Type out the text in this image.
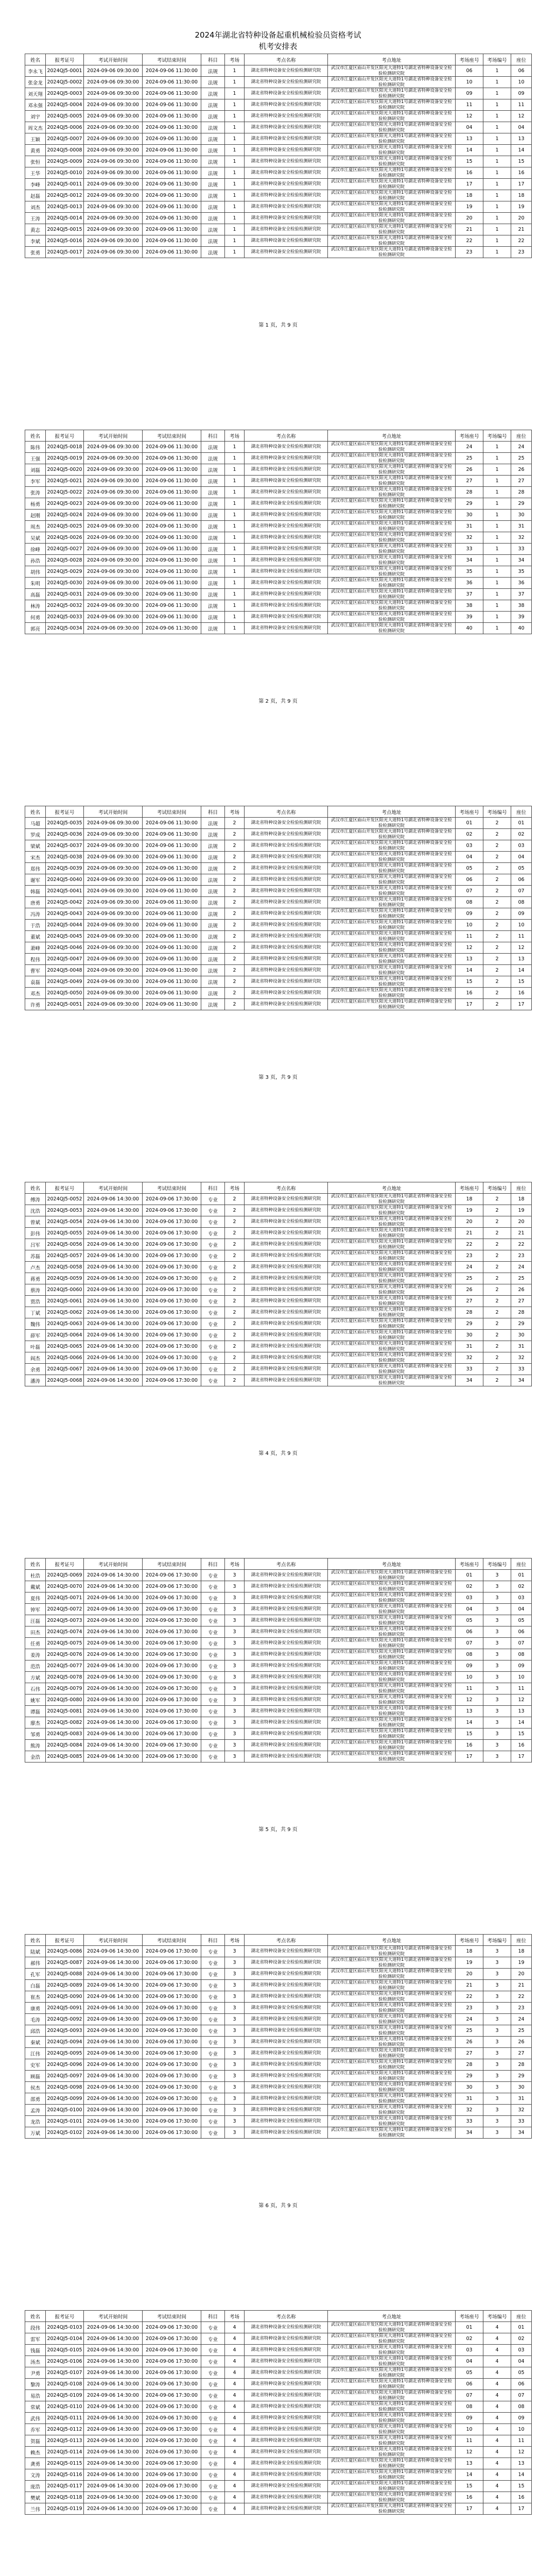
2024年湖北省特种设备起重机械检验员资格考试
机考安排表
姓名	报考证号	考试开始时间	考试结束时间	科目	考场	考点名称	考点地址	考场座号	考场编号	座位
李永飞	2024QJ5-0001	2024-09-06 09:30:00	2024-09-06 11:30:00	法规	1	湖北省特种设备安全检验检测研究院	武汉市江夏区庙山开发区阳光大道特1号湖北省特种设备安全检验检测研究院	06	1	06
张金龙	2024QJ5-0002	2024-09-06 09:30:00	2024-09-06 11:30:00	法规	1	湖北省特种设备安全检验检测研究院	武汉市江夏区庙山开发区阳光大道特1号湖北省特种设备安全检验检测研究院	10	1	10
刘天翔	2024QJ5-0003	2024-09-06 09:30:00	2024-09-06 11:30:00	法规	1	湖北省特种设备安全检验检测研究院	武汉市江夏区庙山开发区阳光大道特1号湖北省特种设备安全检验检测研究院	09	1	09
邓永强	2024QJ5-0004	2024-09-06 09:30:00	2024-09-06 11:30:00	法规	1	湖北省特种设备安全检验检测研究院	武汉市江夏区庙山开发区阳光大道特1号湖北省特种设备安全检验检测研究院	11	1	11
刘宇	2024QJ5-0005	2024-09-06 09:30:00	2024-09-06 11:30:00	法规	1	湖北省特种设备安全检验检测研究院	武汉市江夏区庙山开发区阳光大道特1号湖北省特种设备安全检验检测研究院	12	1	12
周文杰	2024QJ5-0006	2024-09-06 09:30:00	2024-09-06 11:30:00	法规	1	湖北省特种设备安全检验检测研究院	武汉市江夏区庙山开发区阳光大道特1号湖北省特种设备安全检验检测研究院	04	1	04
王颖	2024QJ5-0007	2024-09-06 09:30:00	2024-09-06 11:30:00	法规	1	湖北省特种设备安全检验检测研究院	武汉市江夏区庙山开发区阳光大道特1号湖北省特种设备安全检验检测研究院	13	1	13
黄勇	2024QJ5-0008	2024-09-06 09:30:00	2024-09-06 11:30:00	法规	1	湖北省特种设备安全检验检测研究院	武汉市江夏区庙山开发区阳光大道特1号湖北省特种设备安全检验检测研究院	14	1	14
张恒	2024QJ5-0009	2024-09-06 09:30:00	2024-09-06 11:30:00	法规	1	湖北省特种设备安全检验检测研究院	武汉市江夏区庙山开发区阳光大道特1号湖北省特种设备安全检验检测研究院	15	1	15
王华	2024QJ5-0010	2024-09-06 09:30:00	2024-09-06 11:30:00	法规	1	湖北省特种设备安全检验检测研究院	武汉市江夏区庙山开发区阳光大道特1号湖北省特种设备安全检验检测研究院	16	1	16
李峰	2024QJ5-0011	2024-09-06 09:30:00	2024-09-06 11:30:00	法规	1	湖北省特种设备安全检验检测研究院	武汉市江夏区庙山开发区阳光大道特1号湖北省特种设备安全检验检测研究院	17	1	17
赵磊	2024QJ5-0012	2024-09-06 09:30:00	2024-09-06 11:30:00	法规	1	湖北省特种设备安全检验检测研究院	武汉市江夏区庙山开发区阳光大道特1号湖北省特种设备安全检验检测研究院	18	1	18
刘杰	2024QJ5-0013	2024-09-06 09:30:00	2024-09-06 11:30:00	法规	1	湖北省特种设备安全检验检测研究院	武汉市江夏区庙山开发区阳光大道特1号湖北省特种设备安全检验检测研究院	19	1	19
王涛	2024QJ5-0014	2024-09-06 09:30:00	2024-09-06 11:30:00	法规	1	湖北省特种设备安全检验检测研究院	武汉市江夏区庙山开发区阳光大道特1号湖北省特种设备安全检验检测研究院	20	1	20
黄志	2024QJ5-0015	2024-09-06 09:30:00	2024-09-06 11:30:00	法规	1	湖北省特种设备安全检验检测研究院	武汉市江夏区庙山开发区阳光大道特1号湖北省特种设备安全检验检测研究院	21	1	21
李斌	2024QJ5-0016	2024-09-06 09:30:00	2024-09-06 11:30:00	法规	1	湖北省特种设备安全检验检测研究院	武汉市江夏区庙山开发区阳光大道特1号湖北省特种设备安全检验检测研究院	22	1	22
张勇	2024QJ5-0017	2024-09-06 09:30:00	2024-09-06 11:30:00	法规	1	湖北省特种设备安全检验检测研究院	武汉市江夏区庙山开发区阳光大道特1号湖北省特种设备安全检验检测研究院	23	1	23
第 1 页，共 9 页
姓名	报考证号	考试开始时间	考试结束时间	科目	考场	考点名称	考点地址	考场座号	考场编号	座位
陈伟	2024QJ5-0018	2024-09-06 09:30:00	2024-09-06 11:30:00	法规	1	湖北省特种设备安全检验检测研究院	武汉市江夏区庙山开发区阳光大道特1号湖北省特种设备安全检验检测研究院	24	1	24
王强	2024QJ5-0019	2024-09-06 09:30:00	2024-09-06 11:30:00	法规	1	湖北省特种设备安全检验检测研究院	武汉市江夏区庙山开发区阳光大道特1号湖北省特种设备安全检验检测研究院	25	1	25
刘磊	2024QJ5-0020	2024-09-06 09:30:00	2024-09-06 11:30:00	法规	1	湖北省特种设备安全检验检测研究院	武汉市江夏区庙山开发区阳光大道特1号湖北省特种设备安全检验检测研究院	26	1	26
李军	2024QJ5-0021	2024-09-06 09:30:00	2024-09-06 11:30:00	法规	1	湖北省特种设备安全检验检测研究院	武汉市江夏区庙山开发区阳光大道特1号湖北省特种设备安全检验检测研究院	27	1	27
张涛	2024QJ5-0022	2024-09-06 09:30:00	2024-09-06 11:30:00	法规	1	湖北省特种设备安全检验检测研究院	武汉市江夏区庙山开发区阳光大道特1号湖北省特种设备安全检验检测研究院	28	1	28
杨勇	2024QJ5-0023	2024-09-06 09:30:00	2024-09-06 11:30:00	法规	1	湖北省特种设备安全检验检测研究院	武汉市江夏区庙山开发区阳光大道特1号湖北省特种设备安全检验检测研究院	29	1	29
赵刚	2024QJ5-0024	2024-09-06 09:30:00	2024-09-06 11:30:00	法规	1	湖北省特种设备安全检验检测研究院	武汉市江夏区庙山开发区阳光大道特1号湖北省特种设备安全检验检测研究院	30	1	30
周杰	2024QJ5-0025	2024-09-06 09:30:00	2024-09-06 11:30:00	法规	1	湖北省特种设备安全检验检测研究院	武汉市江夏区庙山开发区阳光大道特1号湖北省特种设备安全检验检测研究院	31	1	31
吴斌	2024QJ5-0026	2024-09-06 09:30:00	2024-09-06 11:30:00	法规	1	湖北省特种设备安全检验检测研究院	武汉市江夏区庙山开发区阳光大道特1号湖北省特种设备安全检验检测研究院	32	1	32
徐峰	2024QJ5-0027	2024-09-06 09:30:00	2024-09-06 11:30:00	法规	1	湖北省特种设备安全检验检测研究院	武汉市江夏区庙山开发区阳光大道特1号湖北省特种设备安全检验检测研究院	33	1	33
孙浩	2024QJ5-0028	2024-09-06 09:30:00	2024-09-06 11:30:00	法规	1	湖北省特种设备安全检验检测研究院	武汉市江夏区庙山开发区阳光大道特1号湖北省特种设备安全检验检测研究院	34	1	34
胡伟	2024QJ5-0029	2024-09-06 09:30:00	2024-09-06 11:30:00	法规	1	湖北省特种设备安全检验检测研究院	武汉市江夏区庙山开发区阳光大道特1号湖北省特种设备安全检验检测研究院	35	1	35
朱明	2024QJ5-0030	2024-09-06 09:30:00	2024-09-06 11:30:00	法规	1	湖北省特种设备安全检验检测研究院	武汉市江夏区庙山开发区阳光大道特1号湖北省特种设备安全检验检测研究院	36	1	36
高磊	2024QJ5-0031	2024-09-06 09:30:00	2024-09-06 11:30:00	法规	1	湖北省特种设备安全检验检测研究院	武汉市江夏区庙山开发区阳光大道特1号湖北省特种设备安全检验检测研究院	37	1	37
林涛	2024QJ5-0032	2024-09-06 09:30:00	2024-09-06 11:30:00	法规	1	湖北省特种设备安全检验检测研究院	武汉市江夏区庙山开发区阳光大道特1号湖北省特种设备安全检验检测研究院	38	1	38
何勇	2024QJ5-0033	2024-09-06 09:30:00	2024-09-06 11:30:00	法规	1	湖北省特种设备安全检验检测研究院	武汉市江夏区庙山开发区阳光大道特1号湖北省特种设备安全检验检测研究院	39	1	39
郭亮	2024QJ5-0034	2024-09-06 09:30:00	2024-09-06 11:30:00	法规	1	湖北省特种设备安全检验检测研究院	武汉市江夏区庙山开发区阳光大道特1号湖北省特种设备安全检验检测研究院	40	1	40
第 2 页，共 9 页
姓名	报考证号	考试开始时间	考试结束时间	科目	考场	考点名称	考点地址	考场座号	考场编号	座位
马超	2024QJ5-0035	2024-09-06 09:30:00	2024-09-06 11:30:00	法规	2	湖北省特种设备安全检验检测研究院	武汉市江夏区庙山开发区阳光大道特1号湖北省特种设备安全检验检测研究院	01	2	01
罗成	2024QJ5-0036	2024-09-06 09:30:00	2024-09-06 11:30:00	法规	2	湖北省特种设备安全检验检测研究院	武汉市江夏区庙山开发区阳光大道特1号湖北省特种设备安全检验检测研究院	02	2	02
梁斌	2024QJ5-0037	2024-09-06 09:30:00	2024-09-06 11:30:00	法规	2	湖北省特种设备安全检验检测研究院	武汉市江夏区庙山开发区阳光大道特1号湖北省特种设备安全检验检测研究院	03	2	03
宋杰	2024QJ5-0038	2024-09-06 09:30:00	2024-09-06 11:30:00	法规	2	湖北省特种设备安全检验检测研究院	武汉市江夏区庙山开发区阳光大道特1号湖北省特种设备安全检验检测研究院	04	2	04
郑伟	2024QJ5-0039	2024-09-06 09:30:00	2024-09-06 11:30:00	法规	2	湖北省特种设备安全检验检测研究院	武汉市江夏区庙山开发区阳光大道特1号湖北省特种设备安全检验检测研究院	05	2	05
谢军	2024QJ5-0040	2024-09-06 09:30:00	2024-09-06 11:30:00	法规	2	湖北省特种设备安全检验检测研究院	武汉市江夏区庙山开发区阳光大道特1号湖北省特种设备安全检验检测研究院	06	2	06
韩磊	2024QJ5-0041	2024-09-06 09:30:00	2024-09-06 11:30:00	法规	2	湖北省特种设备安全检验检测研究院	武汉市江夏区庙山开发区阳光大道特1号湖北省特种设备安全检验检测研究院	07	2	07
唐勇	2024QJ5-0042	2024-09-06 09:30:00	2024-09-06 11:30:00	法规	2	湖北省特种设备安全检验检测研究院	武汉市江夏区庙山开发区阳光大道特1号湖北省特种设备安全检验检测研究院	08	2	08
冯涛	2024QJ5-0043	2024-09-06 09:30:00	2024-09-06 11:30:00	法规	2	湖北省特种设备安全检验检测研究院	武汉市江夏区庙山开发区阳光大道特1号湖北省特种设备安全检验检测研究院	09	2	09
于浩	2024QJ5-0044	2024-09-06 09:30:00	2024-09-06 11:30:00	法规	2	湖北省特种设备安全检验检测研究院	武汉市江夏区庙山开发区阳光大道特1号湖北省特种设备安全检验检测研究院	10	2	10
董斌	2024QJ5-0045	2024-09-06 09:30:00	2024-09-06 11:30:00	法规	2	湖北省特种设备安全检验检测研究院	武汉市江夏区庙山开发区阳光大道特1号湖北省特种设备安全检验检测研究院	11	2	11
萧峰	2024QJ5-0046	2024-09-06 09:30:00	2024-09-06 11:30:00	法规	2	湖北省特种设备安全检验检测研究院	武汉市江夏区庙山开发区阳光大道特1号湖北省特种设备安全检验检测研究院	12	2	12
程伟	2024QJ5-0047	2024-09-06 09:30:00	2024-09-06 11:30:00	法规	2	湖北省特种设备安全检验检测研究院	武汉市江夏区庙山开发区阳光大道特1号湖北省特种设备安全检验检测研究院	13	2	13
曹军	2024QJ5-0048	2024-09-06 09:30:00	2024-09-06 11:30:00	法规	2	湖北省特种设备安全检验检测研究院	武汉市江夏区庙山开发区阳光大道特1号湖北省特种设备安全检验检测研究院	14	2	14
袁磊	2024QJ5-0049	2024-09-06 09:30:00	2024-09-06 11:30:00	法规	2	湖北省特种设备安全检验检测研究院	武汉市江夏区庙山开发区阳光大道特1号湖北省特种设备安全检验检测研究院	15	2	15
邓杰	2024QJ5-0050	2024-09-06 09:30:00	2024-09-06 11:30:00	法规	2	湖北省特种设备安全检验检测研究院	武汉市江夏区庙山开发区阳光大道特1号湖北省特种设备安全检验检测研究院	16	2	16
许勇	2024QJ5-0051	2024-09-06 09:30:00	2024-09-06 11:30:00	法规	2	湖北省特种设备安全检验检测研究院	武汉市江夏区庙山开发区阳光大道特1号湖北省特种设备安全检验检测研究院	17	2	17
第 3 页，共 9 页
姓名	报考证号	考试开始时间	考试结束时间	科目	考场	考点名称	考点地址	考场座号	考场编号	座位
傅涛	2024QJ5-0052	2024-09-06 14:30:00	2024-09-06 17:30:00	专业	2	湖北省特种设备安全检验检测研究院	武汉市江夏区庙山开发区阳光大道特1号湖北省特种设备安全检验检测研究院	18	2	18
沈浩	2024QJ5-0053	2024-09-06 14:30:00	2024-09-06 17:30:00	专业	2	湖北省特种设备安全检验检测研究院	武汉市江夏区庙山开发区阳光大道特1号湖北省特种设备安全检验检测研究院	19	2	19
曾斌	2024QJ5-0054	2024-09-06 14:30:00	2024-09-06 17:30:00	专业	2	湖北省特种设备安全检验检测研究院	武汉市江夏区庙山开发区阳光大道特1号湖北省特种设备安全检验检测研究院	20	2	20
彭伟	2024QJ5-0055	2024-09-06 14:30:00	2024-09-06 17:30:00	专业	2	湖北省特种设备安全检验检测研究院	武汉市江夏区庙山开发区阳光大道特1号湖北省特种设备安全检验检测研究院	21	2	21
吕军	2024QJ5-0056	2024-09-06 14:30:00	2024-09-06 17:30:00	专业	2	湖北省特种设备安全检验检测研究院	武汉市江夏区庙山开发区阳光大道特1号湖北省特种设备安全检验检测研究院	22	2	22
苏磊	2024QJ5-0057	2024-09-06 14:30:00	2024-09-06 17:30:00	专业	2	湖北省特种设备安全检验检测研究院	武汉市江夏区庙山开发区阳光大道特1号湖北省特种设备安全检验检测研究院	23	2	23
卢杰	2024QJ5-0058	2024-09-06 14:30:00	2024-09-06 17:30:00	专业	2	湖北省特种设备安全检验检测研究院	武汉市江夏区庙山开发区阳光大道特1号湖北省特种设备安全检验检测研究院	24	2	24
蒋勇	2024QJ5-0059	2024-09-06 14:30:00	2024-09-06 17:30:00	专业	2	湖北省特种设备安全检验检测研究院	武汉市江夏区庙山开发区阳光大道特1号湖北省特种设备安全检验检测研究院	25	2	25
蔡涛	2024QJ5-0060	2024-09-06 14:30:00	2024-09-06 17:30:00	专业	2	湖北省特种设备安全检验检测研究院	武汉市江夏区庙山开发区阳光大道特1号湖北省特种设备安全检验检测研究院	26	2	26
贾浩	2024QJ5-0061	2024-09-06 14:30:00	2024-09-06 17:30:00	专业	2	湖北省特种设备安全检验检测研究院	武汉市江夏区庙山开发区阳光大道特1号湖北省特种设备安全检验检测研究院	27	2	27
丁斌	2024QJ5-0062	2024-09-06 14:30:00	2024-09-06 17:30:00	专业	2	湖北省特种设备安全检验检测研究院	武汉市江夏区庙山开发区阳光大道特1号湖北省特种设备安全检验检测研究院	28	2	28
魏伟	2024QJ5-0063	2024-09-06 14:30:00	2024-09-06 17:30:00	专业	2	湖北省特种设备安全检验检测研究院	武汉市江夏区庙山开发区阳光大道特1号湖北省特种设备安全检验检测研究院	29	2	29
薛军	2024QJ5-0064	2024-09-06 14:30:00	2024-09-06 17:30:00	专业	2	湖北省特种设备安全检验检测研究院	武汉市江夏区庙山开发区阳光大道特1号湖北省特种设备安全检验检测研究院	30	2	30
叶磊	2024QJ5-0065	2024-09-06 14:30:00	2024-09-06 17:30:00	专业	2	湖北省特种设备安全检验检测研究院	武汉市江夏区庙山开发区阳光大道特1号湖北省特种设备安全检验检测研究院	31	2	31
阎杰	2024QJ5-0066	2024-09-06 14:30:00	2024-09-06 17:30:00	专业	2	湖北省特种设备安全检验检测研究院	武汉市江夏区庙山开发区阳光大道特1号湖北省特种设备安全检验检测研究院	32	2	32
余勇	2024QJ5-0067	2024-09-06 14:30:00	2024-09-06 17:30:00	专业	2	湖北省特种设备安全检验检测研究院	武汉市江夏区庙山开发区阳光大道特1号湖北省特种设备安全检验检测研究院	33	2	33
潘涛	2024QJ5-0068	2024-09-06 14:30:00	2024-09-06 17:30:00	专业	2	湖北省特种设备安全检验检测研究院	武汉市江夏区庙山开发区阳光大道特1号湖北省特种设备安全检验检测研究院	34	2	34
第 4 页，共 9 页
姓名	报考证号	考试开始时间	考试结束时间	科目	考场	考点名称	考点地址	考场座号	考场编号	座位
杜浩	2024QJ5-0069	2024-09-06 14:30:00	2024-09-06 17:30:00	专业	3	湖北省特种设备安全检验检测研究院	武汉市江夏区庙山开发区阳光大道特1号湖北省特种设备安全检验检测研究院	01	3	01
戴斌	2024QJ5-0070	2024-09-06 14:30:00	2024-09-06 17:30:00	专业	3	湖北省特种设备安全检验检测研究院	武汉市江夏区庙山开发区阳光大道特1号湖北省特种设备安全检验检测研究院	02	3	02
夏伟	2024QJ5-0071	2024-09-06 14:30:00	2024-09-06 17:30:00	专业	3	湖北省特种设备安全检验检测研究院	武汉市江夏区庙山开发区阳光大道特1号湖北省特种设备安全检验检测研究院	03	3	03
钟军	2024QJ5-0072	2024-09-06 14:30:00	2024-09-06 17:30:00	专业	3	湖北省特种设备安全检验检测研究院	武汉市江夏区庙山开发区阳光大道特1号湖北省特种设备安全检验检测研究院	04	3	04
汪磊	2024QJ5-0073	2024-09-06 14:30:00	2024-09-06 17:30:00	专业	3	湖北省特种设备安全检验检测研究院	武汉市江夏区庙山开发区阳光大道特1号湖北省特种设备安全检验检测研究院	05	3	05
田杰	2024QJ5-0074	2024-09-06 14:30:00	2024-09-06 17:30:00	专业	3	湖北省特种设备安全检验检测研究院	武汉市江夏区庙山开发区阳光大道特1号湖北省特种设备安全检验检测研究院	06	3	06
任勇	2024QJ5-0075	2024-09-06 14:30:00	2024-09-06 17:30:00	专业	3	湖北省特种设备安全检验检测研究院	武汉市江夏区庙山开发区阳光大道特1号湖北省特种设备安全检验检测研究院	07	3	07
姜涛	2024QJ5-0076	2024-09-06 14:30:00	2024-09-06 17:30:00	专业	3	湖北省特种设备安全检验检测研究院	武汉市江夏区庙山开发区阳光大道特1号湖北省特种设备安全检验检测研究院	08	3	08
范浩	2024QJ5-0077	2024-09-06 14:30:00	2024-09-06 17:30:00	专业	3	湖北省特种设备安全检验检测研究院	武汉市江夏区庙山开发区阳光大道特1号湖北省特种设备安全检验检测研究院	09	3	09
方斌	2024QJ5-0078	2024-09-06 14:30:00	2024-09-06 17:30:00	专业	3	湖北省特种设备安全检验检测研究院	武汉市江夏区庙山开发区阳光大道特1号湖北省特种设备安全检验检测研究院	10	3	10
石伟	2024QJ5-0079	2024-09-06 14:30:00	2024-09-06 17:30:00	专业	3	湖北省特种设备安全检验检测研究院	武汉市江夏区庙山开发区阳光大道特1号湖北省特种设备安全检验检测研究院	11	3	11
姚军	2024QJ5-0080	2024-09-06 14:30:00	2024-09-06 17:30:00	专业	3	湖北省特种设备安全检验检测研究院	武汉市江夏区庙山开发区阳光大道特1号湖北省特种设备安全检验检测研究院	12	3	12
谭磊	2024QJ5-0081	2024-09-06 14:30:00	2024-09-06 17:30:00	专业	3	湖北省特种设备安全检验检测研究院	武汉市江夏区庙山开发区阳光大道特1号湖北省特种设备安全检验检测研究院	13	3	13
廖杰	2024QJ5-0082	2024-09-06 14:30:00	2024-09-06 17:30:00	专业	3	湖北省特种设备安全检验检测研究院	武汉市江夏区庙山开发区阳光大道特1号湖北省特种设备安全检验检测研究院	14	3	14
邹勇	2024QJ5-0083	2024-09-06 14:30:00	2024-09-06 17:30:00	专业	3	湖北省特种设备安全检验检测研究院	武汉市江夏区庙山开发区阳光大道特1号湖北省特种设备安全检验检测研究院	15	3	15
熊涛	2024QJ5-0084	2024-09-06 14:30:00	2024-09-06 17:30:00	专业	3	湖北省特种设备安全检验检测研究院	武汉市江夏区庙山开发区阳光大道特1号湖北省特种设备安全检验检测研究院	16	3	16
金浩	2024QJ5-0085	2024-09-06 14:30:00	2024-09-06 17:30:00	专业	3	湖北省特种设备安全检验检测研究院	武汉市江夏区庙山开发区阳光大道特1号湖北省特种设备安全检验检测研究院	17	3	17
第 5 页，共 9 页
姓名	报考证号	考试开始时间	考试结束时间	科目	考场	考点名称	考点地址	考场座号	考场编号	座位
陆斌	2024QJ5-0086	2024-09-06 14:30:00	2024-09-06 17:30:00	专业	3	湖北省特种设备安全检验检测研究院	武汉市江夏区庙山开发区阳光大道特1号湖北省特种设备安全检验检测研究院	18	3	18
郝伟	2024QJ5-0087	2024-09-06 14:30:00	2024-09-06 17:30:00	专业	3	湖北省特种设备安全检验检测研究院	武汉市江夏区庙山开发区阳光大道特1号湖北省特种设备安全检验检测研究院	19	3	19
孔军	2024QJ5-0088	2024-09-06 14:30:00	2024-09-06 17:30:00	专业	3	湖北省特种设备安全检验检测研究院	武汉市江夏区庙山开发区阳光大道特1号湖北省特种设备安全检验检测研究院	20	3	20
白磊	2024QJ5-0089	2024-09-06 14:30:00	2024-09-06 17:30:00	专业	3	湖北省特种设备安全检验检测研究院	武汉市江夏区庙山开发区阳光大道特1号湖北省特种设备安全检验检测研究院	21	3	21
崔杰	2024QJ5-0090	2024-09-06 14:30:00	2024-09-06 17:30:00	专业	3	湖北省特种设备安全检验检测研究院	武汉市江夏区庙山开发区阳光大道特1号湖北省特种设备安全检验检测研究院	22	3	22
康勇	2024QJ5-0091	2024-09-06 14:30:00	2024-09-06 17:30:00	专业	3	湖北省特种设备安全检验检测研究院	武汉市江夏区庙山开发区阳光大道特1号湖北省特种设备安全检验检测研究院	23	3	23
毛涛	2024QJ5-0092	2024-09-06 14:30:00	2024-09-06 17:30:00	专业	3	湖北省特种设备安全检验检测研究院	武汉市江夏区庙山开发区阳光大道特1号湖北省特种设备安全检验检测研究院	24	3	24
邱浩	2024QJ5-0093	2024-09-06 14:30:00	2024-09-06 17:30:00	专业	3	湖北省特种设备安全检验检测研究院	武汉市江夏区庙山开发区阳光大道特1号湖北省特种设备安全检验检测研究院	25	3	25
秦斌	2024QJ5-0094	2024-09-06 14:30:00	2024-09-06 17:30:00	专业	3	湖北省特种设备安全检验检测研究院	武汉市江夏区庙山开发区阳光大道特1号湖北省特种设备安全检验检测研究院	26	3	26
江伟	2024QJ5-0095	2024-09-06 14:30:00	2024-09-06 17:30:00	专业	3	湖北省特种设备安全检验检测研究院	武汉市江夏区庙山开发区阳光大道特1号湖北省特种设备安全检验检测研究院	27	3	27
史军	2024QJ5-0096	2024-09-06 14:30:00	2024-09-06 17:30:00	专业	3	湖北省特种设备安全检验检测研究院	武汉市江夏区庙山开发区阳光大道特1号湖北省特种设备安全检验检测研究院	28	3	28
顾磊	2024QJ5-0097	2024-09-06 14:30:00	2024-09-06 17:30:00	专业	3	湖北省特种设备安全检验检测研究院	武汉市江夏区庙山开发区阳光大道特1号湖北省特种设备安全检验检测研究院	29	3	29
侯杰	2024QJ5-0098	2024-09-06 14:30:00	2024-09-06 17:30:00	专业	3	湖北省特种设备安全检验检测研究院	武汉市江夏区庙山开发区阳光大道特1号湖北省特种设备安全检验检测研究院	30	3	30
邵勇	2024QJ5-0099	2024-09-06 14:30:00	2024-09-06 17:30:00	专业	3	湖北省特种设备安全检验检测研究院	武汉市江夏区庙山开发区阳光大道特1号湖北省特种设备安全检验检测研究院	31	3	31
孟涛	2024QJ5-0100	2024-09-06 14:30:00	2024-09-06 17:30:00	专业	3	湖北省特种设备安全检验检测研究院	武汉市江夏区庙山开发区阳光大道特1号湖北省特种设备安全检验检测研究院	32	3	32
龙浩	2024QJ5-0101	2024-09-06 14:30:00	2024-09-06 17:30:00	专业	3	湖北省特种设备安全检验检测研究院	武汉市江夏区庙山开发区阳光大道特1号湖北省特种设备安全检验检测研究院	33	3	33
万斌	2024QJ5-0102	2024-09-06 14:30:00	2024-09-06 17:30:00	专业	3	湖北省特种设备安全检验检测研究院	武汉市江夏区庙山开发区阳光大道特1号湖北省特种设备安全检验检测研究院	34	3	34
第 6 页，共 9 页
姓名	报考证号	考试开始时间	考试结束时间	科目	考场	考点名称	考点地址	考场座号	考场编号	座位
段伟	2024QJ5-0103	2024-09-06 14:30:00	2024-09-06 17:30:00	专业	4	湖北省特种设备安全检验检测研究院	武汉市江夏区庙山开发区阳光大道特1号湖北省特种设备安全检验检测研究院	01	4	01
雷军	2024QJ5-0104	2024-09-06 14:30:00	2024-09-06 17:30:00	专业	4	湖北省特种设备安全检验检测研究院	武汉市江夏区庙山开发区阳光大道特1号湖北省特种设备安全检验检测研究院	02	4	02
钱磊	2024QJ5-0105	2024-09-06 14:30:00	2024-09-06 17:30:00	专业	4	湖北省特种设备安全检验检测研究院	武汉市江夏区庙山开发区阳光大道特1号湖北省特种设备安全检验检测研究院	03	4	03
汤杰	2024QJ5-0106	2024-09-06 14:30:00	2024-09-06 17:30:00	专业	4	湖北省特种设备安全检验检测研究院	武汉市江夏区庙山开发区阳光大道特1号湖北省特种设备安全检验检测研究院	04	4	04
尹勇	2024QJ5-0107	2024-09-06 14:30:00	2024-09-06 17:30:00	专业	4	湖北省特种设备安全检验检测研究院	武汉市江夏区庙山开发区阳光大道特1号湖北省特种设备安全检验检测研究院	05	4	05
黎涛	2024QJ5-0108	2024-09-06 14:30:00	2024-09-06 17:30:00	专业	4	湖北省特种设备安全检验检测研究院	武汉市江夏区庙山开发区阳光大道特1号湖北省特种设备安全检验检测研究院	06	4	06
易浩	2024QJ5-0109	2024-09-06 14:30:00	2024-09-06 17:30:00	专业	4	湖北省特种设备安全检验检测研究院	武汉市江夏区庙山开发区阳光大道特1号湖北省特种设备安全检验检测研究院	07	4	07
常斌	2024QJ5-0110	2024-09-06 14:30:00	2024-09-06 17:30:00	专业	4	湖北省特种设备安全检验检测研究院	武汉市江夏区庙山开发区阳光大道特1号湖北省特种设备安全检验检测研究院	08	4	08
武伟	2024QJ5-0111	2024-09-06 14:30:00	2024-09-06 17:30:00	专业	4	湖北省特种设备安全检验检测研究院	武汉市江夏区庙山开发区阳光大道特1号湖北省特种设备安全检验检测研究院	09	4	09
乔军	2024QJ5-0112	2024-09-06 14:30:00	2024-09-06 17:30:00	专业	4	湖北省特种设备安全检验检测研究院	武汉市江夏区庙山开发区阳光大道特1号湖北省特种设备安全检验检测研究院	10	4	10
贺磊	2024QJ5-0113	2024-09-06 14:30:00	2024-09-06 17:30:00	专业	4	湖北省特种设备安全检验检测研究院	武汉市江夏区庙山开发区阳光大道特1号湖北省特种设备安全检验检测研究院	11	4	11
赖杰	2024QJ5-0114	2024-09-06 14:30:00	2024-09-06 17:30:00	专业	4	湖北省特种设备安全检验检测研究院	武汉市江夏区庙山开发区阳光大道特1号湖北省特种设备安全检验检测研究院	12	4	12
龚勇	2024QJ5-0115	2024-09-06 14:30:00	2024-09-06 17:30:00	专业	4	湖北省特种设备安全检验检测研究院	武汉市江夏区庙山开发区阳光大道特1号湖北省特种设备安全检验检测研究院	13	4	13
文涛	2024QJ5-0116	2024-09-06 14:30:00	2024-09-06 17:30:00	专业	4	湖北省特种设备安全检验检测研究院	武汉市江夏区庙山开发区阳光大道特1号湖北省特种设备安全检验检测研究院	14	4	14
庞浩	2024QJ5-0117	2024-09-06 14:30:00	2024-09-06 17:30:00	专业	4	湖北省特种设备安全检验检测研究院	武汉市江夏区庙山开发区阳光大道特1号湖北省特种设备安全检验检测研究院	15	4	15
樊斌	2024QJ5-0118	2024-09-06 14:30:00	2024-09-06 17:30:00	专业	4	湖北省特种设备安全检验检测研究院	武汉市江夏区庙山开发区阳光大道特1号湖北省特种设备安全检验检测研究院	16	4	16
兰伟	2024QJ5-0119	2024-09-06 14:30:00	2024-09-06 17:30:00	专业	4	湖北省特种设备安全检验检测研究院	武汉市江夏区庙山开发区阳光大道特1号湖北省特种设备安全检验检测研究院	17	4	17
